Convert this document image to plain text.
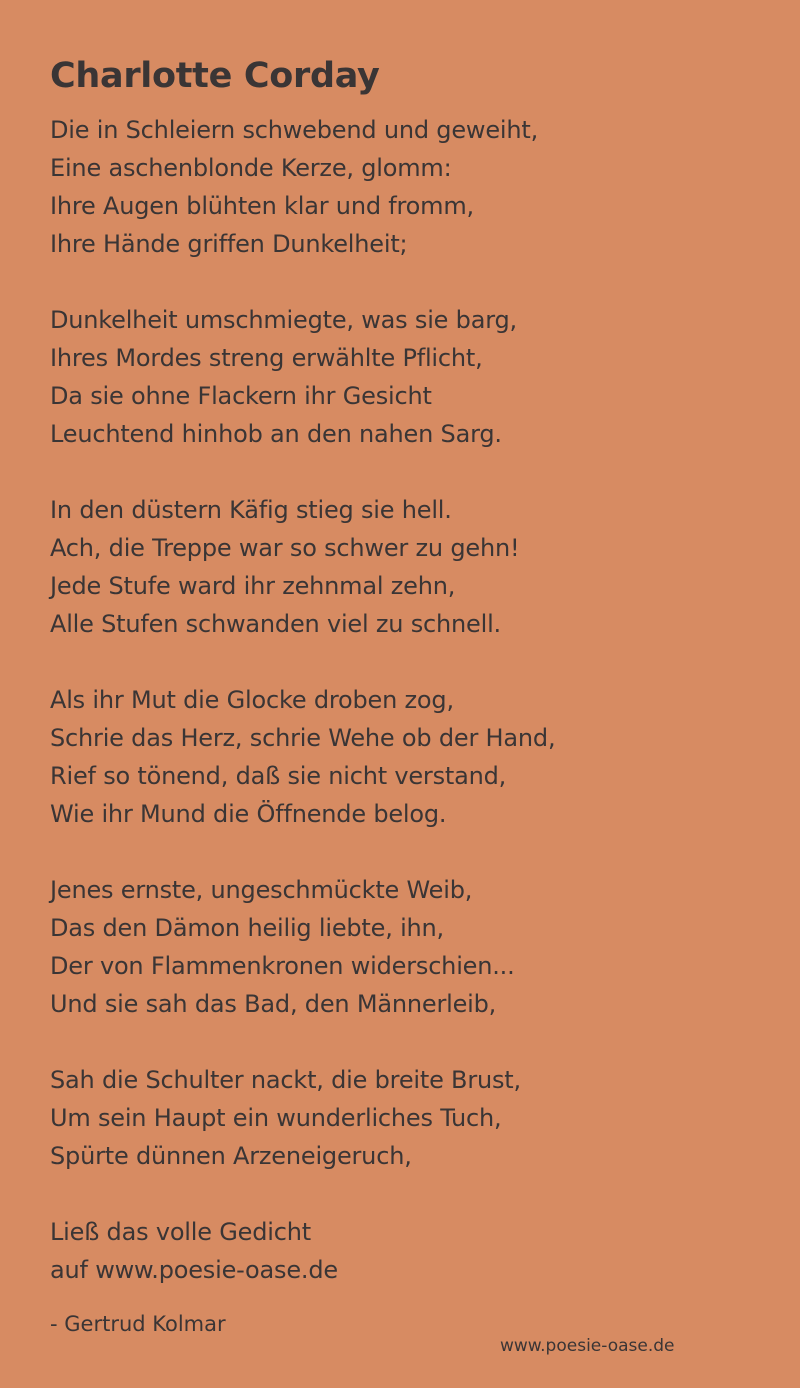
Charlotte Corday
Die in Schleiern schwebend und geweiht,
Eine aschenblonde Kerze, glomm:
Ihre Augen blühten klar und fromm,
Ihre Hände griffen Dunkelheit;
Dunkelheit umschmiegte, was sie barg,
Ihres Mordes streng erwählte Pflicht,
Da sie ohne Flackern ihr Gesicht
Leuchtend hinhob an den nahen Sarg.
In den düstern Käfig stieg sie hell.
Ach, die Treppe war so schwer zu gehn!
Jede Stufe ward ihr zehnmal zehn,
Alle Stufen schwanden viel zu schnell.
Als ihr Mut die Glocke droben zog,
Schrie das Herz, schrie Wehe ob der Hand,
Rief so tönend, daß sie nicht verstand,
Wie ihr Mund die Öffnende belog.
Jenes ernste, ungeschmückte Weib,
Das den Dämon heilig liebte, ihn,
Der von Flammenkronen widerschien...
Und sie sah das Bad, den Männerleib,
Sah die Schulter nackt, die breite Brust,
Um sein Haupt ein wunderliches Tuch,
Spürte dünnen Arzeneigeruch,
Ließ das volle Gedicht
auf www.poesie-oase.de
- Gertrud Kolmar
www.poesie-oase.de
